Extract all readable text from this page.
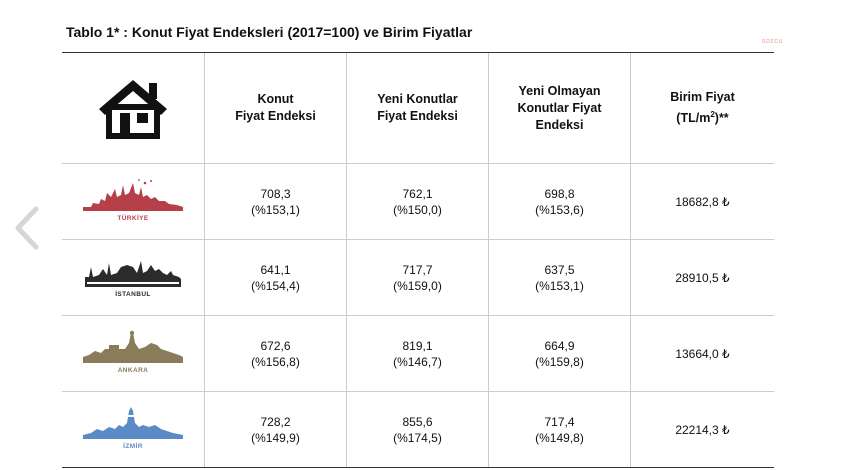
Tablo 1* : Konut Fiyat Endeksleri (2017=100) ve Birim Fiyatlar
sozcu
Konut
Fiyat Endeksi
Yeni Konutlar
Fiyat Endeksi
Yeni Olmayan
Konutlar Fiyat
Endeksi
Birim Fiyat
$(TL/m^2)**$
TÜRKİYE
708,3
(%153,1)
762,1
(%150,0)
698,8
(%153,6)
18682,8 ₺
İSTANBUL
641,1
(%154,4)
717,7
(%159,0)
637,5
(%153,1)
28910,5 ₺
ANKARA
672,6
(%156,8)
819,1
(%146,7)
664,9
(%159,8)
13664,0 ₺
İZMİR
728,2
(%149,9)
855,6
(%174,5)
717,4
(%149,8)
22214,3 ₺
